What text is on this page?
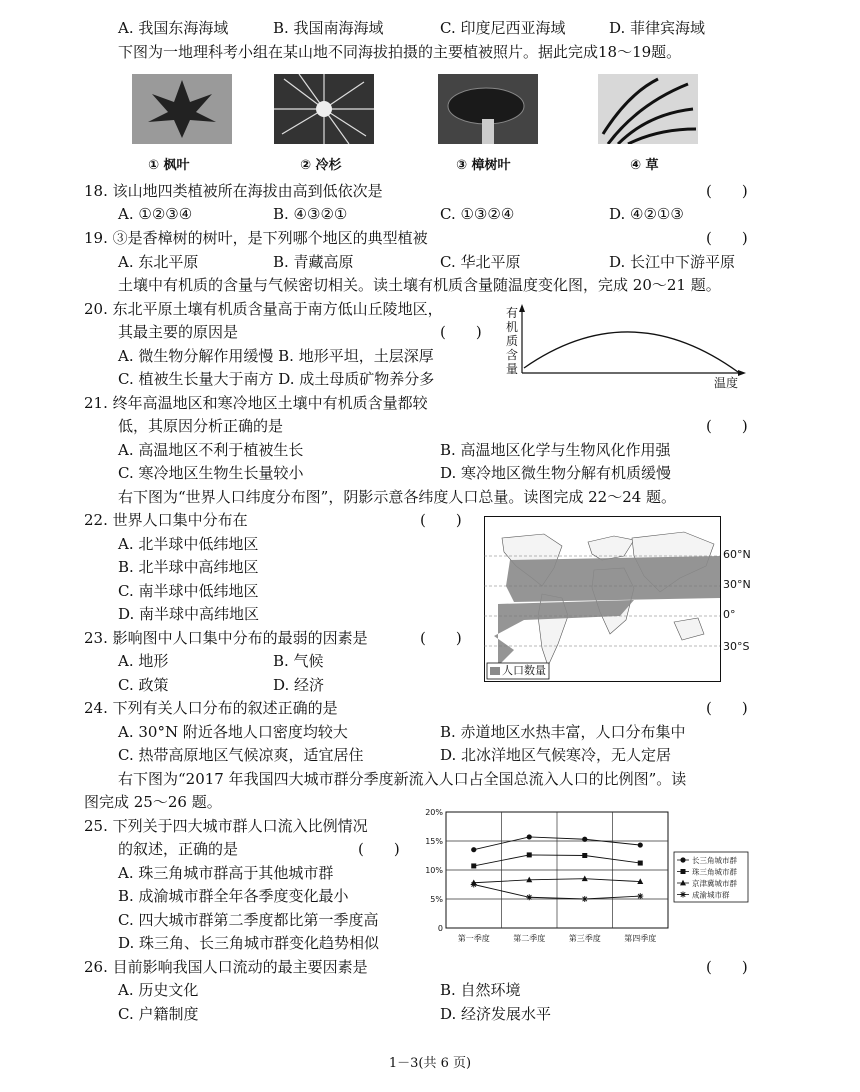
A. 我国东海海域	B. 我国南海海域	C. 印度尼西亚海域	D. 菲律宾海域
下图为一地理科考小组在某山地不同海拔拍摄的主要植被照片。据此完成18～19题。
① 枫叶	② 冷杉	③ 樟树叶	④ 草
18. 该山地四类植被所在海拔由高到低依次是	(　　)
A. ①②③④	B. ④③②①	C. ①③②④	D. ④②①③
19. ③是香樟树的树叶，是下列哪个地区的典型植被	(　　)
A. 东北平原	B. 青藏高原	C. 华北平原	D. 长江中下游平原
土壤中有机质的含量与气候密切相关。读土壤有机质含量随温度变化图，完成 20～21 题。
20. 东北平原土壤有机质含量高于南方低山丘陵地区，
其最主要的原因是	(　　)
A. 微生物分解作用缓慢 B. 地形平坦，土层深厚
C. 植被生长量大于南方 D. 成土母质矿物养分多
有
机
质
含
量
温度
21. 终年高温地区和寒冷地区土壤中有机质含量都较
低，其原因分析正确的是	(　　)
A. 高温地区不利于植被生长	B. 高温地区化学与生物风化作用强
C. 寒冷地区生物生长量较小	D. 寒冷地区微生物分解有机质缓慢
右下图为“世界人口纬度分布图”，阴影示意各纬度人口总量。读图完成 22～24 题。
22. 世界人口集中分布在	(　　)
A. 北半球中低纬地区
B. 北半球中高纬地区
C. 南半球中低纬地区
D. 南半球中高纬地区
23. 影响图中人口集中分布的最弱的因素是	(　　)
A. 地形	B. 气候
C. 政策	D. 经济
人口数量
60°N
30°N
0°
30°S
24. 下列有关人口分布的叙述正确的是	(　　)
A. 30°N 附近各地人口密度均较大	B. 赤道地区水热丰富，人口分布集中
C. 热带高原地区气候凉爽，适宜居住	D. 北冰洋地区气候寒冷，无人定居
右下图为“2017 年我国四大城市群分季度新流入人口占全国总流入人口的比例图”。读
图完成 25～26 题。
25. 下列关于四大城市群人口流入比例情况
的叙述，正确的是	(　　)
A. 珠三角城市群高于其他城市群
B. 成渝城市群全年各季度变化最小
C. 四大城市群第二季度都比第一季度高
D. 珠三角、长三角城市群变化趋势相似
0
5%
10%
15%
20%
第一季度	第二季度	第三季度	第四季度
长三角城市群
珠三角城市群
京津冀城市群
成渝城市群
26. 目前影响我国人口流动的最主要因素是	(　　)
A. 历史文化	B. 自然环境
C. 户籍制度	D. 经济发展水平
1－3(共 6 页)
